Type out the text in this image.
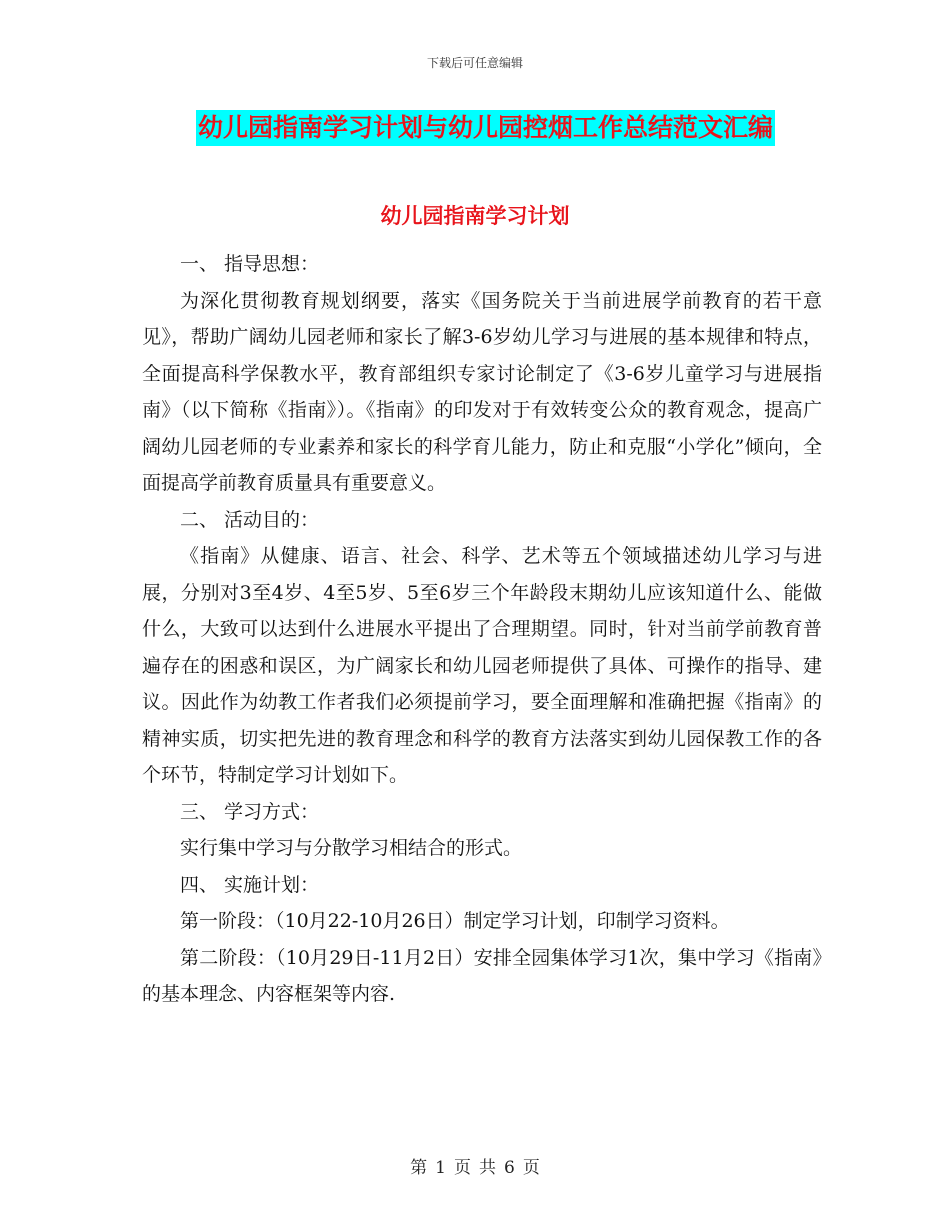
下载后可任意编辑
幼儿园指南学习计划与幼儿园控烟工作总结范文汇编
幼儿园指南学习计划

一、 指导思想：

为深化贯彻教育规划纲要，落实《国务院关于当前进展学前教育的若干意见》，帮助广阔幼儿园老师和家长了解3-6岁幼儿学习与进展的基本规律和特点，全面提高科学保教水平，教育部组织专家讨论制定了《3-6岁儿童学习与进展指南》（以下简称《指南》）。《指南》的印发对于有效转变公众的教育观念，提高广阔幼儿园老师的专业素养和家长的科学育儿能力，防止和克服“小学化”倾向，全面提高学前教育质量具有重要意义。

二、 活动目的：

《指南》从健康、语言、社会、科学、艺术等五个领域描述幼儿学习与进展，分别对3至4岁、4至5岁、5至6岁三个年龄段末期幼儿应该知道什么、能做什么，大致可以达到什么进展水平提出了合理期望。同时，针对当前学前教育普遍存在的困惑和误区，为广阔家长和幼儿园老师提供了具体、可操作的指导、建议。因此作为幼教工作者我们必须提前学习，要全面理解和准确把握《指南》的精神实质，切实把先进的教育理念和科学的教育方法落实到幼儿园保教工作的各个环节，特制定学习计划如下。

三、 学习方式：

实行集中学习与分散学习相结合的形式。

四、 实施计划：

第一阶段：（10月22-10月26日）制定学习计划，印制学习资料。

第二阶段：（10月29日-11月2日）安排全园集体学习1次，集中学习《指南》的基本理念、内容框架等内容.

第 1 页 共 6 页
